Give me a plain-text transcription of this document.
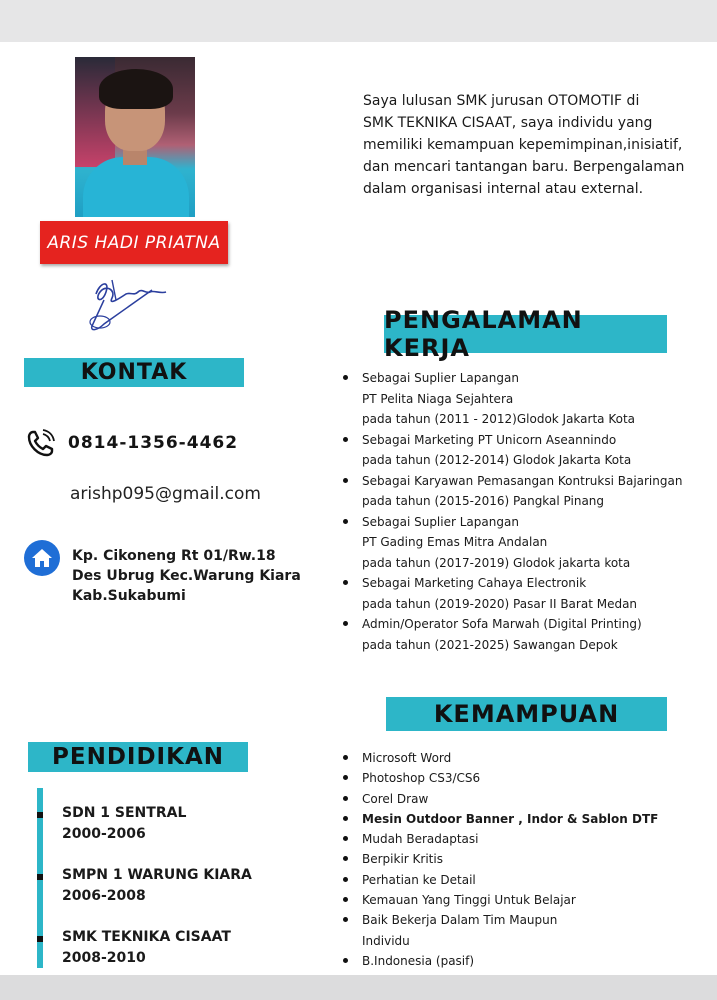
ARIS HADI PRIATNA
Saya lulusan SMK jurusan OTOMOTIF di
SMK TEKNIKA CISAAT, saya individu yang
memiliki kemampuan kepemimpinan,inisiatif,
dan mencari tantangan baru. Berpengalaman
dalam organisasi internal atau external.
KONTAK
0814-1356-4462
arishp095@gmail.com
Kp. Cikoneng Rt 01/Rw.18
Des Ubrug Kec.Warung Kiara
Kab.Sukabumi
PENDIDIKAN
SDN 1 SENTRAL
2000-2006
SMPN 1 WARUNG KIARA
2006-2008
SMK TEKNIKA CISAAT
2008-2010
PENGALAMAN KERJA
Sebagai Suplier Lapangan
PT Pelita Niaga Sejahtera
pada tahun (2011 - 2012)Glodok Jakarta Kota
Sebagai Marketing PT Unicorn Aseannindo
pada tahun (2012-2014) Glodok Jakarta Kota
Sebagai Karyawan Pemasangan Kontruksi Bajaringan
pada tahun (2015-2016) Pangkal Pinang
Sebagai Suplier Lapangan
PT Gading Emas Mitra Andalan
pada tahun (2017-2019) Glodok jakarta kota
Sebagai Marketing Cahaya Electronik
pada tahun (2019-2020) Pasar II Barat Medan
Admin/Operator Sofa Marwah (Digital Printing)
pada tahun (2021-2025) Sawangan Depok
KEMAMPUAN
Microsoft Word
Photoshop CS3/CS6
Corel Draw
Mesin Outdoor Banner , Indor & Sablon DTF
Mudah Beradaptasi
Berpikir Kritis
Perhatian ke Detail
Kemauan Yang Tinggi Untuk Belajar
Baik Bekerja Dalam Tim Maupun
Individu
B.Indonesia (pasif)
